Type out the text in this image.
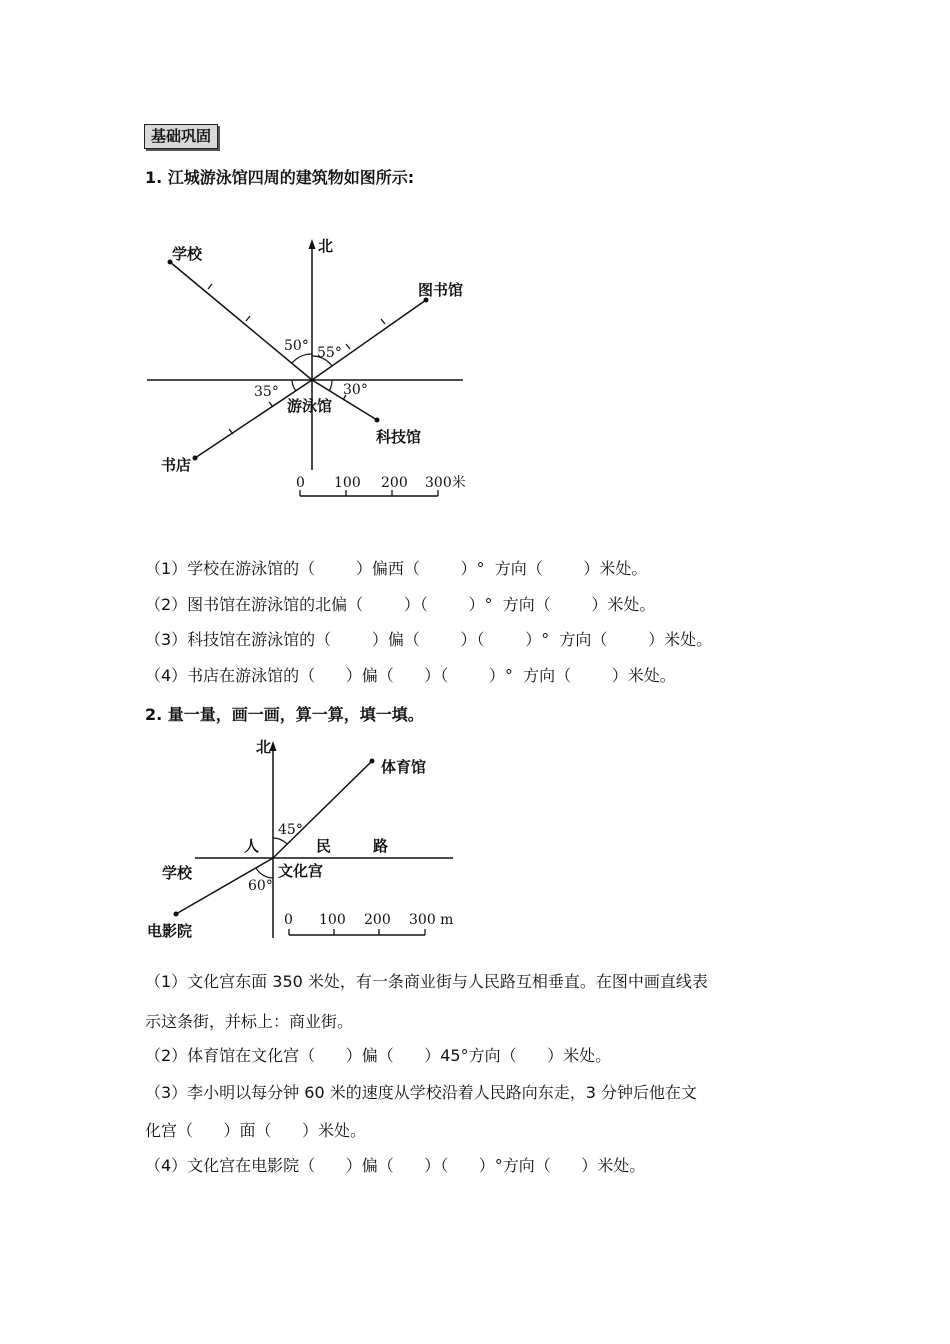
基础巩固
1. 江城游泳馆四周的建筑物如图所示:
北
学校
图书馆
科技馆
书店
游泳馆
50° 55°
30°
35°
0 100 200 300米
（1）学校在游泳馆的（        ）偏西（        ）°  方向（        ）米处。
（2）图书馆在游泳馆的北偏（        ）（        ）°  方向（        ）米处。
（3）科技馆在游泳馆的（        ）偏（        ）（        ）°  方向（        ）米处。
（4）书店在游泳馆的（      ）偏（      ）（        ）°  方向（        ）米处。
2. 量一量，画一画，算一算，填一填。
北
体育馆
文化宫
学校
电影院
人	民	路
45°
60°
0 100 200 300 m
（1）文化宫东面 350 米处，有一条商业街与人民路互相垂直。在图中画直线表
示这条街，并标上：商业街。
（2）体育馆在文化宫（      ）偏（      ）45°方向（      ）米处。
（3）李小明以每分钟 60 米的速度从学校沿着人民路向东走，3 分钟后他在文
化宫（      ）面（      ）米处。
（4）文化宫在电影院（      ）偏（      ）（      ）°方向（      ）米处。
